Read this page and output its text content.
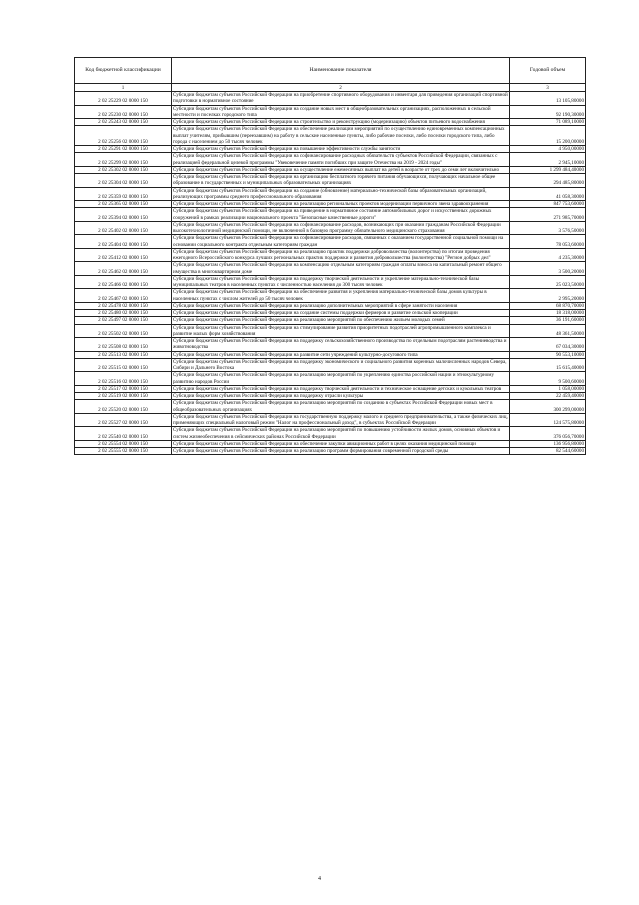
Код бюджетной классификации	Наименование показателя	Годовой объем
1	2	3
2 02 25229 02 0000 150	Субсидии бюджетам субъектов Российской Федерации на приобретение спортивного оборудования и инвентаря для приведения организаций спортивной подготовки в нормативное состояние	13 105,80000
2 02 25230 02 0000 150	Субсидии бюджетам субъектов Российской Федерации на создание новых мест в общеобразовательных организациях, расположенных в сельской местности и поселках городского типа	92 190,30000
2 02 25243 02 0000 150	Субсидии бюджетам субъектов Российской Федерации на строительство и реконструкцию (модернизацию) объектов питьевого водоснабжения	71 089,10000
2 02 25256 02 0000 150	Субсидии бюджетам субъектов Российской Федерации на обеспечение реализации мероприятий по осуществлению единовременных компенсационных выплат учителям, прибывшим (переехавшим) на работу в сельские населенные пункты, либо рабочие поселки, либо поселки городского типа, либо города с населением до 50 тысяч человек	15 200,00000
2 02 25291 02 0000 150	Субсидии бюджетам субъектов Российской Федерации на повышение эффективности службы занятости	4 950,00000
2 02 25299 02 0000 150	Субсидии бюджетам субъектов Российской Федерации на софинансирование расходных обязательств субъектов Российской Федерации, связанных с реализацией федеральной целевой программы "Увековечение памяти погибших при защите Отечества на 2019 - 2024 годы"	2 945,10000
2 02 25302 02 0000 150	Субсидии бюджетам субъектов Российской Федерации на осуществление ежемесячных выплат на детей в возрасте от трех до семи лет включительно	1 299 484,40000
2 02 25304 02 0000 150	Субсидии бюджетам субъектов Российской Федерации на организацию бесплатного горячего питания обучающихся, получающих начальное общее образование в государственных и муниципальных образовательных организациях	294 485,80000
2 02 25359 02 0000 150	Субсидии бюджетам субъектов Российской Федерации на создание (обновление) материально-технической базы образовательных организаций, реализующих программы среднего профессионального образования	41 058,30000
2 02 25365 02 0000 150	Субсидии бюджетам субъектов Российской Федерации на реализацию региональных проектов модернизации первичного звена здравоохранения	847 753,60000
2 02 25394 02 0000 150	Субсидии бюджетам субъектов Российской Федерации на приведение в нормативное состояние автомобильных дорог и искусственных дорожных сооружений в рамках реализации национального проекта "Безопасные качественные дороги"	271 985,70000
2 02 25402 02 0000 150	Субсидии бюджетам субъектов Российской Федерации на софинансирование расходов, возникающих при оказании гражданам Российской Федерации высокотехнологичной медицинской помощи, не включенной в базовую программу обязательного медицинского страхования	3 576,50000
2 02 25404 02 0000 150	Субсидии бюджетам субъектов Российской Федерации на софинансирование расходов, связанных с оказанием государственной социальной помощи на основании социального контракта отдельным категориям граждан	78 053,60000
2 02 25412 02 0000 150	Субсидии бюджетам субъектов Российской Федерации на реализацию практик поддержки добровольчества (волонтерства) по итогам проведения ежегодного Всероссийского конкурса лучших региональных практик поддержки и развития добровольчества (волонтерства) "Регион добрых дел"	4 235,30000
2 02 25462 02 0000 150	Субсидии бюджетам субъектов Российской Федерации на компенсацию отдельным категориям граждан оплаты взноса на капитальный ремонт общего имущества в многоквартирном доме	3 500,20000
2 02 25466 02 0000 150	Субсидии бюджетам субъектов Российской Федерации на поддержку творческой деятельности и укрепление материально-технической базы муниципальных театров в населенных пунктах с численностью населения до 300 тысяч человек	25 023,50000
2 02 25467 02 0000 150	Субсидии бюджетам субъектов Российской Федерации на обеспечение развития и укрепления материально-технической базы домов культуры в населенных пунктах с числом жителей до 50 тысяч человек	2 995,20000
2 02 25478 02 0000 150	Субсидии бюджетам субъектов Российской Федерации на реализацию дополнительных мероприятий в сфере занятости населения	68 870,70000
2 02 25480 02 0000 150	Субсидии бюджетам субъектов Российской Федерации на создание системы поддержки фермеров и развитие сельской кооперации	18 318,00000
2 02 25497 02 0000 150	Субсидии бюджетам субъектов Российской Федерации на реализацию мероприятий по обеспечению жильем молодых семей	36 191,60000
2 02 25502 02 0000 150	Субсидии бюджетам субъектов Российской Федерации на стимулирование развития приоритетных подотраслей агропромышленного комплекса и развитие малых форм хозяйствования	48 361,50000
2 02 25508 02 0000 150	Субсидии бюджетам субъектов Российской Федерации на поддержку сельскохозяйственного производства по отдельным подотраслям растениеводства и животноводства	67 034,30000
2 02 25513 02 0000 150	Субсидии бюджетам субъектов Российской Федерации на развитие сети учреждений культурно-досугового типа	90 553,10000
2 02 25515 02 0000 150	Субсидии бюджетам субъектов Российской Федерации на поддержку экономического и социального развития коренных малочисленных народов Севера, Сибири и Дальнего Востока	15 615,40000
2 02 25516 02 0000 150	Субсидии бюджетам субъектов Российской Федерации на реализацию мероприятий по укреплению единства российской нации и этнокультурному развитию народов России	9 500,60000
2 02 25517 02 0000 150	Субсидии бюджетам субъектов Российской Федерации на поддержку творческой деятельности и техническое оснащение детских и кукольных театров	1 058,00000
2 02 25519 02 0000 150	Субсидии бюджетам субъектов Российской Федерации на поддержку отрасли культуры	22 459,40000
2 02 25520 02 0000 150	Субсидии бюджетам субъектов Российской Федерации на реализацию мероприятий по созданию в субъектах Российской Федерации новых мест в общеобразовательных организациях	300 299,00000
2 02 25527 02 0000 150	Субсидии бюджетам субъектов Российской Федерации на государственную поддержку малого и среднего предпринимательства, а также физических лиц, применяющих специальный налоговый режим "Налог на профессиональный доход", в субъектах Российской Федерации	124 575,80000
2 02 25540 02 0000 150	Субсидии бюджетам субъектов Российской Федерации на реализацию мероприятий по повышению устойчивости жилых домов, основных объектов и систем жизнеобеспечения в сейсмических районах Российской Федерации	376 056,70000
2 02 25554 02 0000 150	Субсидии бюджетам субъектов Российской Федерации на обеспечение закупки авиационных работ в целях оказания медицинской помощи	136 956,80000
2 02 25555 02 0000 150	Субсидии бюджетам субъектов Российской Федерации на реализацию программ формирования современной городской среды	82 544,60000
4
